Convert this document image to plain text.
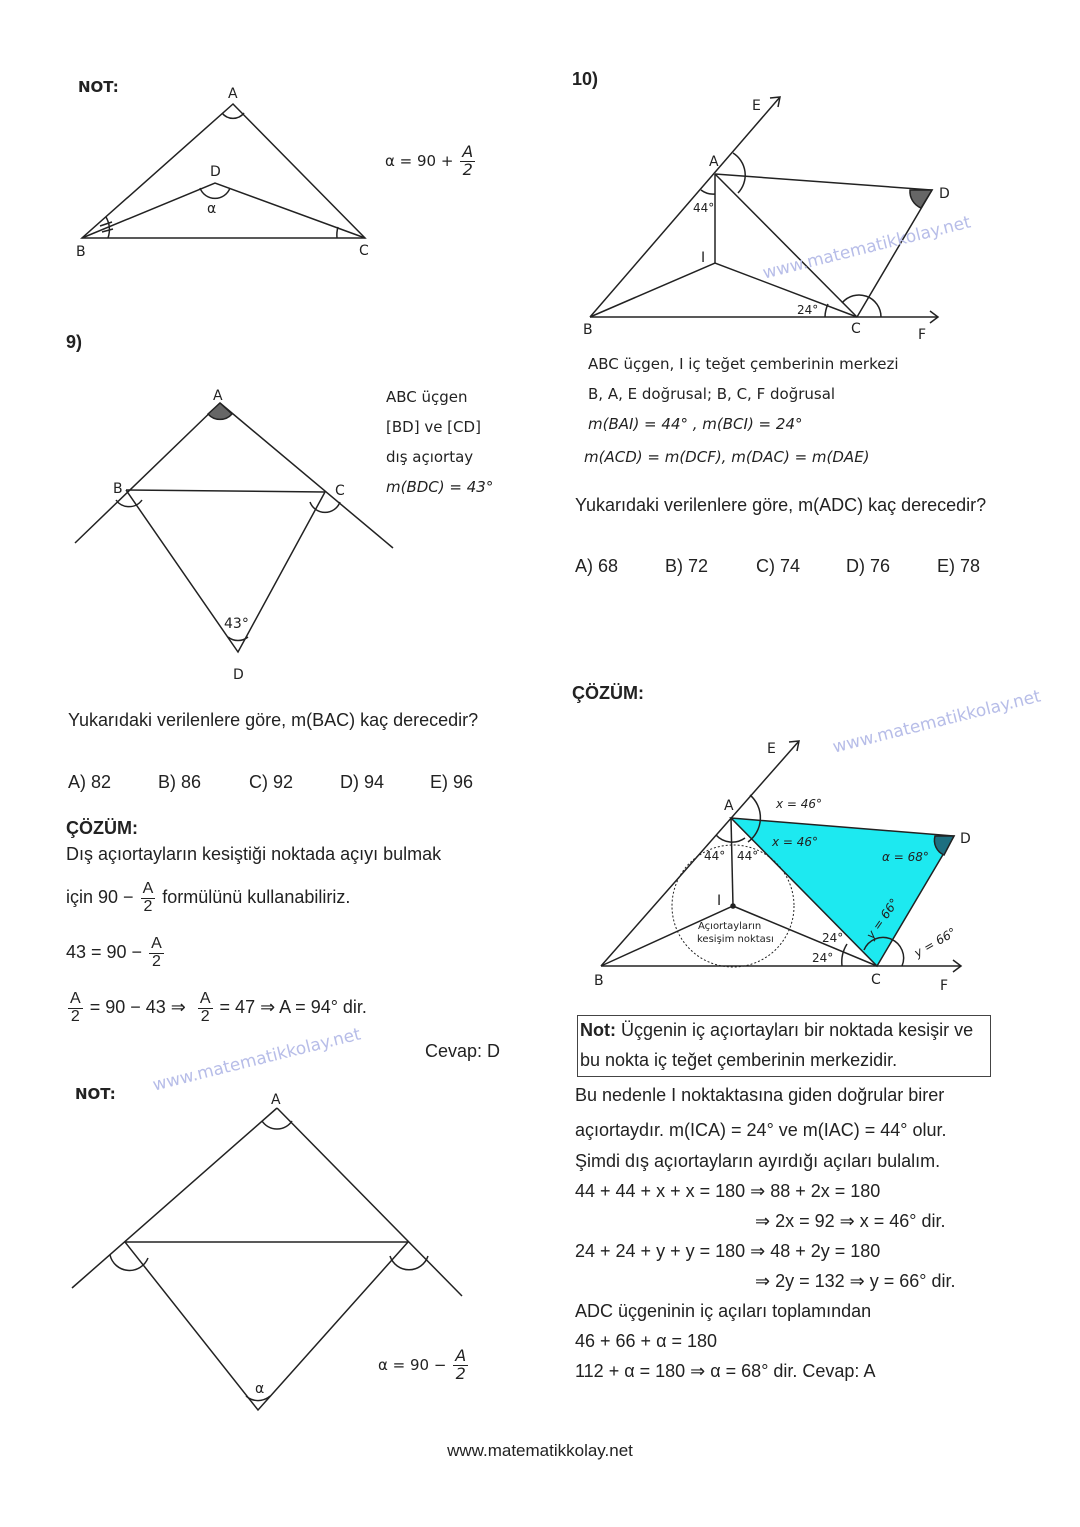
A
D
α
B	C
A
B	C
43°
D
A
α
E
A
D
I
B	C	F
44°
24°
E
A	x = 46°
x = 46°
44° 44°
D
α = 68°
I
Açıortayların
kesişim noktası	24°
24°
y = 66°
y = 66°
B	C	F
NOT:
$\alpha = 90 + \frac{A}{2}$
9)
ABC üçgen
[BD] ve [CD]
dış açıortay
m(BDC) = 43°
Yukarıdaki verilenlere göre, m(BAC) kaç derecedir?
A) 82	B) 86	C) 92	D) 94	E) 96
ÇÖZÜM:
Dış açıortayların kesiştiği noktada açıyı bulmak
için $90 - \frac{A}{2}$ formülünü kullanabiliriz.
$43 = 90 - \frac{A}{2}$
$\frac{A}{2} = 90 - 43$ ⇒ $\frac{A}{2} = 47$ ⇒ A = 94° dir.
Cevap: D
NOT:
$\alpha = 90 - \frac{A}{2}$
10)
ABC üçgen, I iç teğet çemberinin merkezi
B, A, E doğrusal; B, C, F doğrusal
m(BAI) = 44° , m(BCI) = 24°
m(ACD) = m(DCF), m(DAC) = m(DAE)
Yukarıdaki verilenlere göre, m(ADC) kaç derecedir?
A) 68	B) 72	C) 74	D) 76	E) 78
ÇÖZÜM:
Not: Üçgenin iç açıortayları bir noktada kesişir ve
bu nokta iç teğet çemberinin merkezidir.
Bu nedenle I noktaktasına giden doğrular birer
açıortaydır. m(ICA) = 24° ve m(IAC) = 44° olur.
Şimdi dış açıortayların ayırdığı açıları bulalım.
44 + 44 + x + x = 180 ⇒ 88 + 2x = 180
⇒ 2x = 92 ⇒ x = 46° dir.
24 + 24 + y + y = 180 ⇒ 48 + 2y = 180
⇒ 2y = 132 ⇒ y = 66° dir.
ADC üçgeninin iç açıları toplamından
46 + 66 + α = 180
112 + α = 180 ⇒ α = 68° dir. Cevap: A
www.matematikkolay.net
www.matematikkolay.net
www.matematikkolay.net
www.matematikkolay.net
